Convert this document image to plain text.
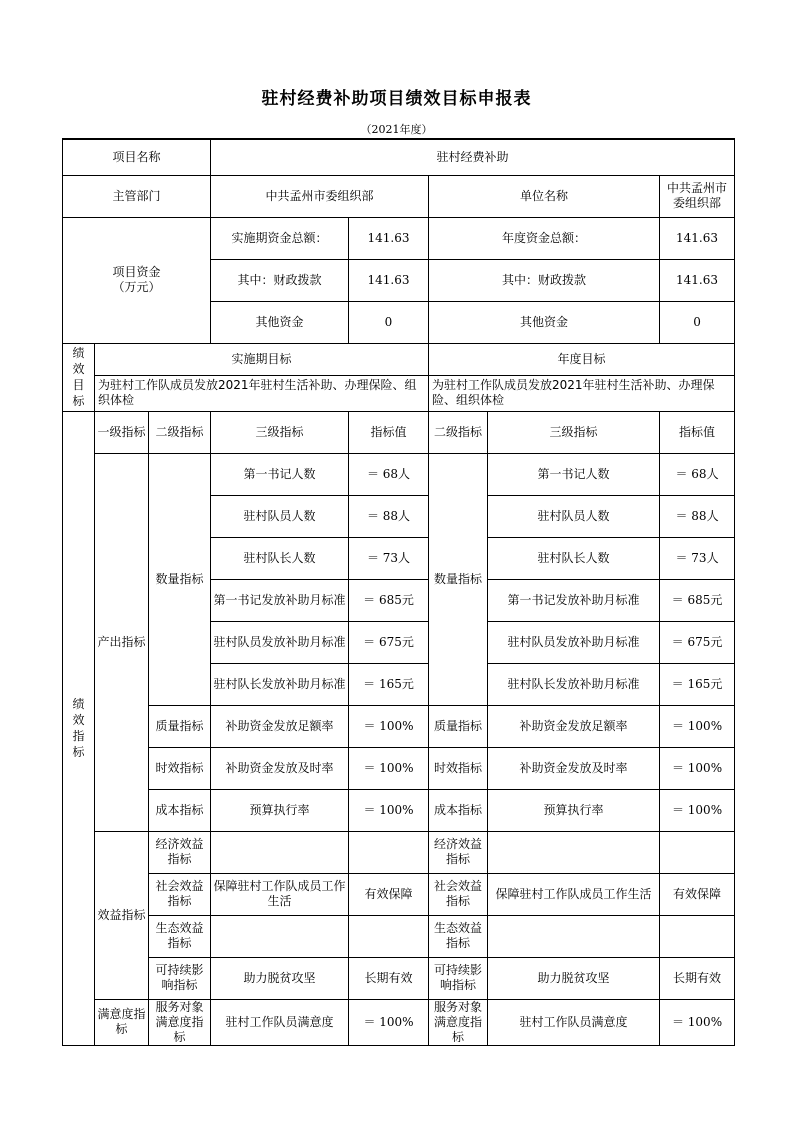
驻村经费补助项目绩效目标申报表
（2021年度）
项目名称			驻村经费补助				
主管部门			中共孟州市委组织部		单位名称		中共孟州市委组织部
项目资金（万元）			实施期资金总额：	141.63	年度资金总额：		141.63
			其中：财政拨款	141.63	其中：财政拨款		141.63
			其他资金	0	其他资金		0

绩效目标	实施期目标				年度目标		
	为驻村工作队成员发放2021年驻村生活补助、办理保险、组织体检				为驻村工作队成员发放2021年驻村生活补助、办理保险、组织体检		

绩效指标	一级指标	二级指标	三级指标	指标值	二级指标	三级指标	指标值
	产出指标	数量指标	第一书记人数	＝ 68人	数量指标	第一书记人数	＝ 68人
			驻村队员人数	＝ 88人		驻村队员人数	＝ 88人
			驻村队长人数	＝ 73人		驻村队长人数	＝ 73人
			第一书记发放补助月标准	＝ 685元		第一书记发放补助月标准	＝ 685元
			驻村队员发放补助月标准	＝ 675元		驻村队员发放补助月标准	＝ 675元
			驻村队长发放补助月标准	＝ 165元		驻村队长发放补助月标准	＝ 165元
		质量指标	补助资金发放足额率	＝ 100%	质量指标	补助资金发放足额率	＝ 100%
		时效指标	补助资金发放及时率	＝ 100%	时效指标	补助资金发放及时率	＝ 100%
		成本指标	预算执行率	＝ 100%	成本指标	预算执行率	＝ 100%
	效益指标	经济效益指标			经济效益指标		
		社会效益指标	保障驻村工作队成员工作生活	有效保障	社会效益指标	保障驻村工作队成员工作生活	有效保障
		生态效益指标			生态效益指标		
		可持续影响指标	助力脱贫攻坚	长期有效	可持续影响指标	助力脱贫攻坚	长期有效
	满意度指标	服务对象满意度指标	驻村工作队员满意度	＝ 100%	服务对象满意度指标	驻村工作队员满意度	＝ 100%
